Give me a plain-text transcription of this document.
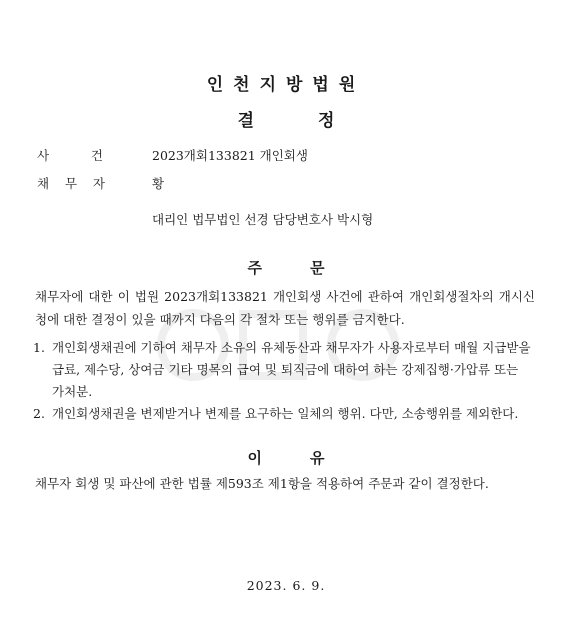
인천지방법원
결정
사	건	2023개회133821 개인회생
채 무 자	황
대리인 법무법인 선경 담당변호사 박시형
주문
채무자에 대한 이 법원 2023개회133821 개인회생 사건에 관하여 개인회생절차의 개시신청에 대한 결정이 있을 때까지 다음의 각 절차 또는 행위를 금지한다.
1. 개인회생채권에 기하여 채무자 소유의 유체동산과 채무자가 사용자로부터 매월 지급받을 급료, 제수당, 상여금 기타 명목의 급여 및 퇴직금에 대하여 하는 강제집행·가압류 또는 가처분.
2. 개인회생채권을 변제받거나 변제를 요구하는 일체의 행위. 다만, 소송행위를 제외한다.
이유
채무자 회생 및 파산에 관한 법률 제593조 제1항을 적용하여 주문과 같이 결정한다.
2023. 6. 9.
